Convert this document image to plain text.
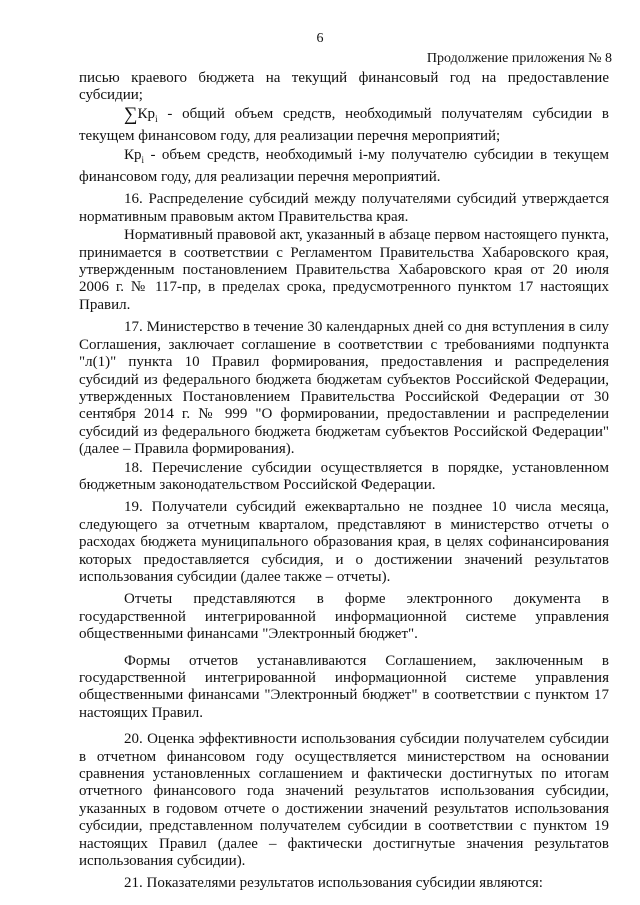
6
Продолжение приложения № 8

писью краевого бюджета на текущий финансовый год на предоставление субсидии;

$\sum Кр_i$ - общий объем средств, необходимый получателям субсидии в текущем финансовом году, для реализации перечня мероприятий;

$Кр_i$ - объем средств, необходимый i-му получателю субсидии в текущем финансовом году, для реализации перечня мероприятий.

16. Распределение субсидий между получателями субсидий утверждается нормативным правовым актом Правительства края.

Нормативный правовой акт, указанный в абзаце первом настоящего пункта, принимается в соответствии с Регламентом Правительства Хабаровского края, утвержденным постановлением Правительства Хабаровского края от 20 июля 2006 г. № 117-пр, в пределах срока, предусмотренного пунктом 17 настоящих Правил.

17. Министерство в течение 30 календарных дней со дня вступления в силу Соглашения, заключает соглашение в соответствии с требованиями подпункта "л(1)" пункта 10 Правил формирования, предоставления и распределения субсидий из федерального бюджета бюджетам субъектов Российской Федерации, утвержденных Постановлением Правительства Российской Федерации от 30 сентября 2014 г. № 999 "О формировании, предоставлении и распределении субсидий из федерального бюджета бюджетам субъектов Российской Федерации" (далее – Правила формирования).

18. Перечисление субсидии осуществляется в порядке, установленном бюджетным законодательством Российской Федерации.

19. Получатели субсидий ежеквартально не позднее 10 числа месяца, следующего за отчетным кварталом, представляют в министерство отчеты о расходах бюджета муниципального образования края, в целях софинансирования которых предоставляется субсидия, и о достижении значений результатов использования субсидии (далее также – отчеты).

Отчеты представляются в форме электронного документа в государственной интегрированной информационной системе управления общественными финансами "Электронный бюджет".

Формы отчетов устанавливаются Соглашением, заключенным в государственной интегрированной информационной системе управления общественными финансами "Электронный бюджет" в соответствии с пунктом 17 настоящих Правил.

20. Оценка эффективности использования субсидии получателем субсидии в отчетном финансовом году осуществляется министерством на основании сравнения установленных соглашением и фактически достигнутых по итогам отчетного финансового года значений результатов использования субсидии, указанных в годовом отчете о достижении значений результатов использования субсидии, представленном получателем субсидии в соответствии с пунктом 19 настоящих Правил (далее – фактически достигнутые значения результатов использования субсидии).

21. Показателями результатов использования субсидии являются:
